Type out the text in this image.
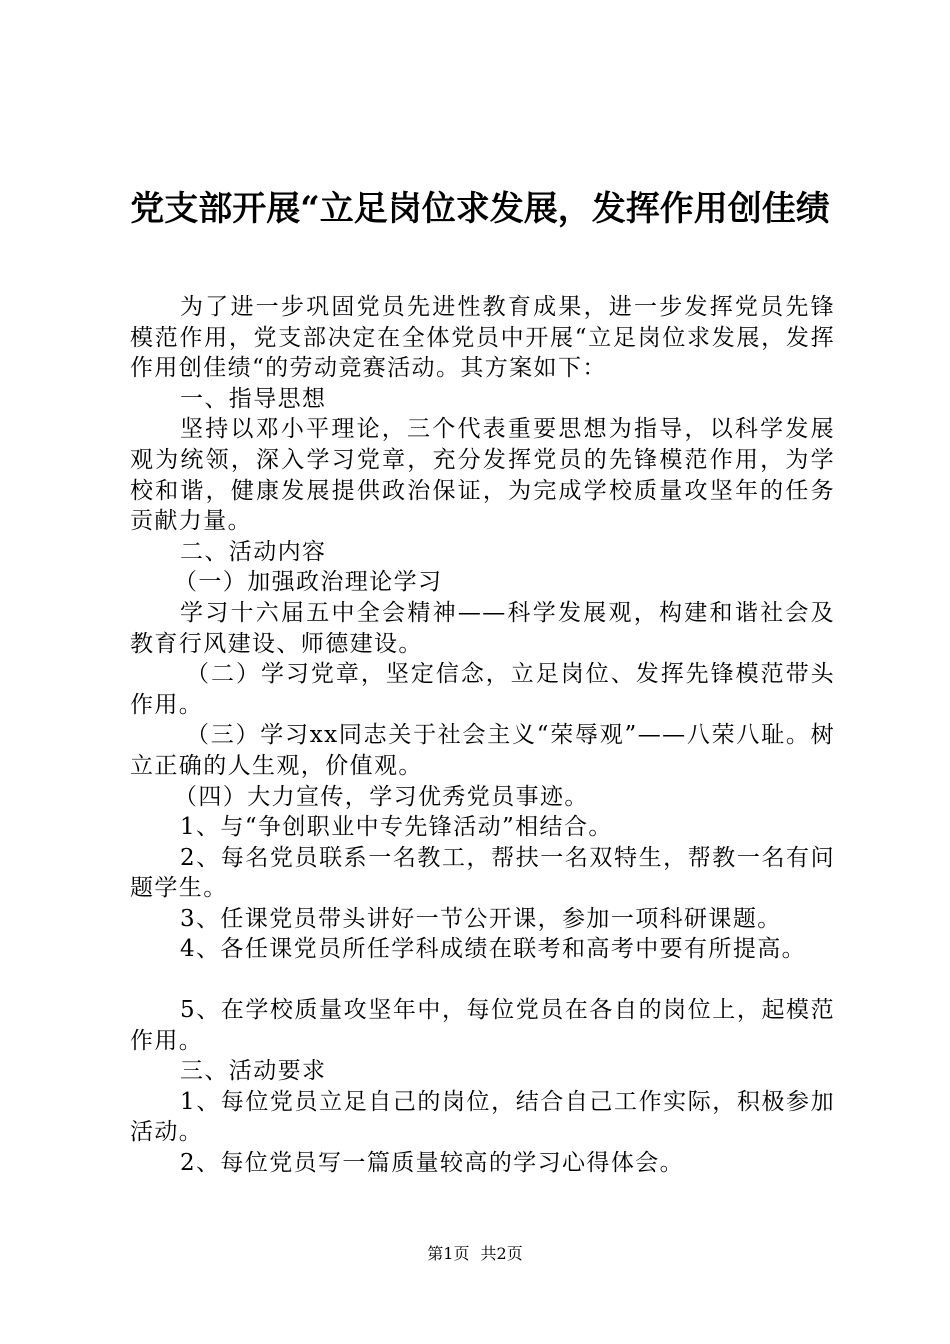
党支部开展“立足岗位求发展，发挥作用创佳绩

为了进一步巩固党员先进性教育成果，进一步发挥党员先锋模范作用，党支部决定在全体党员中开展“立足岗位求发展，发挥作用创佳绩“的劳动竞赛活动。其方案如下：

一、指导思想

坚持以邓小平理论，三个代表重要思想为指导，以科学发展观为统领，深入学习党章，充分发挥党员的先锋模范作用，为学校和谐，健康发展提供政治保证，为完成学校质量攻坚年的任务贡献力量。

二、活动内容

（一）加强政治理论学习

学习十六届五中全会精神——科学发展观，构建和谐社会及教育行风建设、师德建设。

（二）学习党章，坚定信念，立足岗位、发挥先锋模范带头作用。

（三）学习xx同志关于社会主义“荣辱观”——八荣八耻。树立正确的人生观，价值观。

（四）大力宣传，学习优秀党员事迹。

1、与“争创职业中专先锋活动”相结合。

2、每名党员联系一名教工，帮扶一名双特生，帮教一名有问题学生。

3、任课党员带头讲好一节公开课，参加一项科研课题。

4、各任课党员所任学科成绩在联考和高考中要有所提高。

5、在学校质量攻坚年中，每位党员在各自的岗位上，起模范作用。

三、活动要求

1、每位党员立足自己的岗位，结合自己工作实际，积极参加活动。

2、每位党员写一篇质量较高的学习心得体会。

第1页 共2页
